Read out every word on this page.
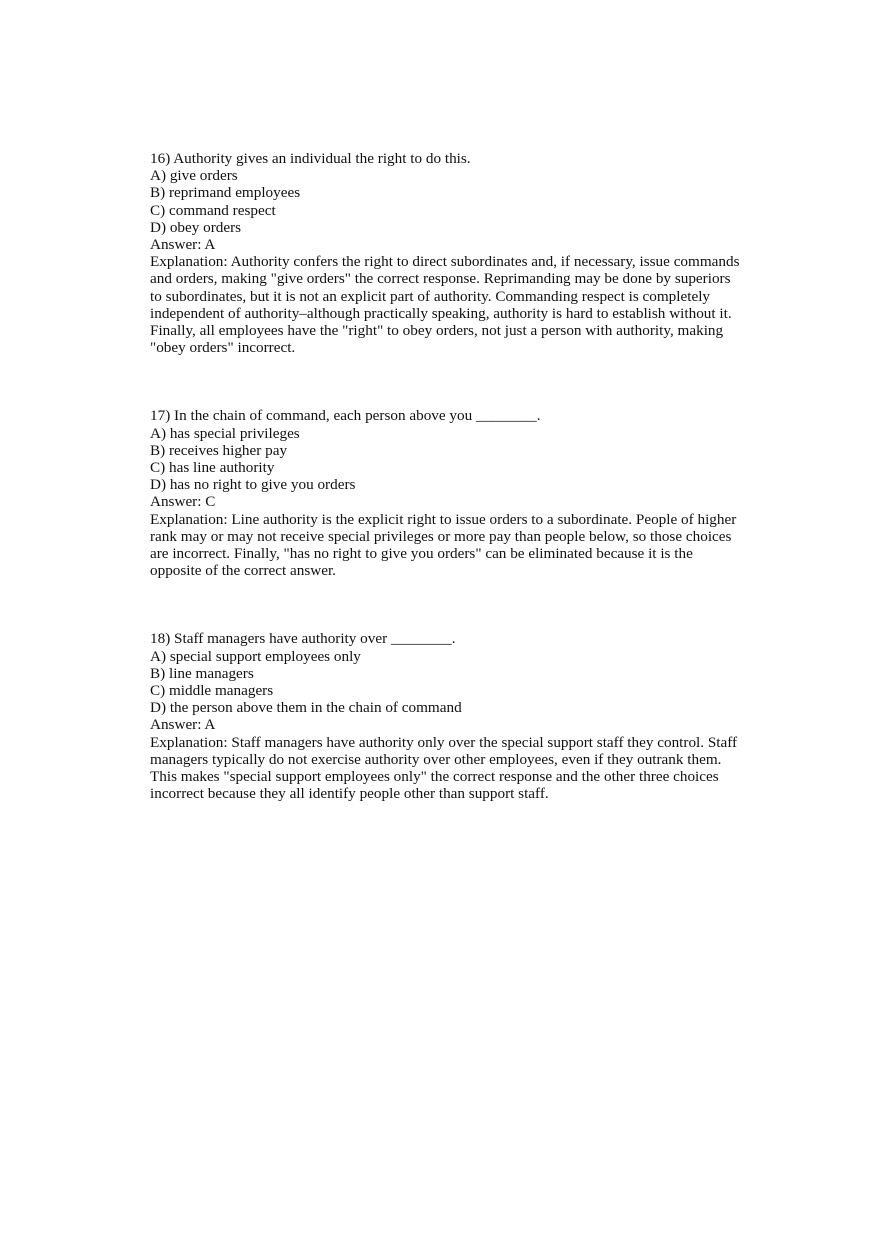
16) Authority gives an individual the right to do this.
A) give orders
B) reprimand employees
C) command respect
D) obey orders
Answer: A
Explanation: Authority confers the right to direct subordinates and, if necessary, issue commands and orders, making "give orders" the correct response. Reprimanding may be done by superiors to subordinates, but it is not an explicit part of authority. Commanding respect is completely independent of authority–although practically speaking, authority is hard to establish without it. Finally, all employees have the "right" to obey orders, not just a person with authority, making "obey orders" incorrect.
17) In the chain of command, each person above you ________.
A) has special privileges
B) receives higher pay
C) has line authority
D) has no right to give you orders
Answer: C
Explanation: Line authority is the explicit right to issue orders to a subordinate. People of higher rank may or may not receive special privileges or more pay than people below, so those choices are incorrect. Finally, "has no right to give you orders" can be eliminated because it is the opposite of the correct answer.
18) Staff managers have authority over ________.
A) special support employees only
B) line managers
C) middle managers
D) the person above them in the chain of command
Answer: A
Explanation: Staff managers have authority only over the special support staff they control. Staff managers typically do not exercise authority over other employees, even if they outrank them. This makes "special support employees only" the correct response and the other three choices incorrect because they all identify people other than support staff.
